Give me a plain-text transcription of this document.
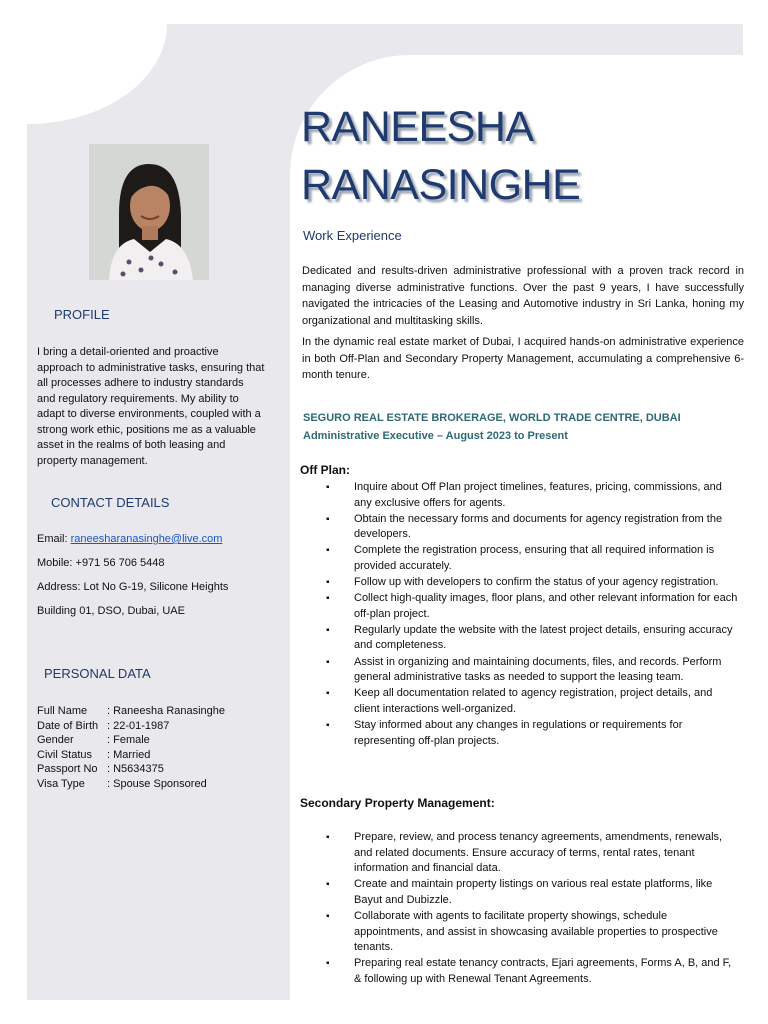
PROFILE
I bring a detail-oriented and proactive approach to administrative tasks, ensuring that all processes adhere to industry standards and regulatory requirements. My ability to adapt to diverse environments, coupled with a strong work ethic, positions me as a valuable asset in the realms of both leasing and property management.
CONTACT DETAILS
Email: raneesharanasinghe@live.com
Mobile: +971 56 706 5448
Address: Lot No G-19, Silicone Heights
Building 01, DSO, Dubai, UAE
PERSONAL DATA
Full Name	: Raneesha Ranasinghe
Date of Birth : 22-01-1987
Gender	: Female
Civil Status	: Married
Passport No : N5634375
Visa Type	: Spouse Sponsored
RANEESHA
RANASINGHE
Work Experience

Dedicated and results-driven administrative professional with a proven track record in managing diverse administrative functions. Over the past 9 years, I have successfully navigated the intricacies of the Leasing and Automotive industry in Sri Lanka, honing my organizational and multitasking skills.

In the dynamic real estate market of Dubai, I acquired hands-on administrative experience in both Off-Plan and Secondary Property Management, accumulating a comprehensive 6-month tenure.

SEGURO REAL ESTATE BROKERAGE, WORLD TRADE CENTRE, DUBAI
Administrative Executive – August 2023 to Present
Off Plan:
▪ Inquire about Off Plan project timelines, features, pricing, commissions, and any exclusive offers for agents.
▪ Obtain the necessary forms and documents for agency registration from the developers.
▪ Complete the registration process, ensuring that all required information is provided accurately.
▪ Follow up with developers to confirm the status of your agency registration.
▪ Collect high-quality images, floor plans, and other relevant information for each off-plan project.
▪ Regularly update the website with the latest project details, ensuring accuracy and completeness.
▪ Assist in organizing and maintaining documents, files, and records. Perform general administrative tasks as needed to support the leasing team.
▪ Keep all documentation related to agency registration, project details, and client interactions well-organized.
▪ Stay informed about any changes in regulations or requirements for representing off-plan projects.
Secondary Property Management:
▪ Prepare, review, and process tenancy agreements, amendments, renewals, and related documents. Ensure accuracy of terms, rental rates, tenant information and financial data.
▪ Create and maintain property listings on various real estate platforms, like Bayut and Dubizzle.
▪ Collaborate with agents to facilitate property showings, schedule appointments, and assist in showcasing available properties to prospective tenants.
▪ Preparing real estate tenancy contracts, Ejari agreements, Forms A, B, and F, & following up with Renewal Tenant Agreements.
